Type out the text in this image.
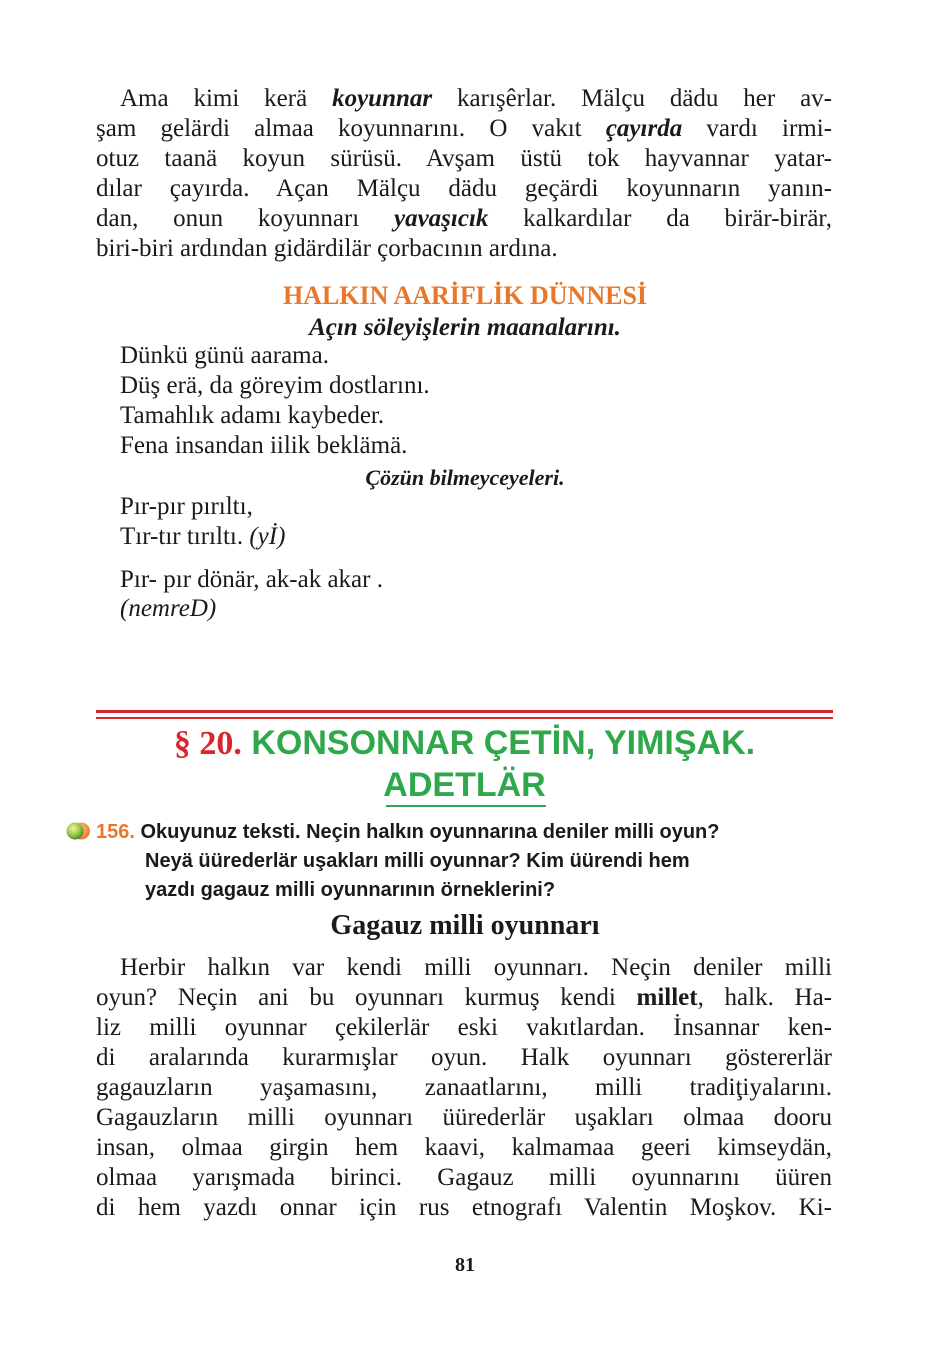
Ama kimi kerä koyunnar karışêrlar. Mälçu dädu her av-
şam gelärdi almaa koyunnarını. O vakıt çayırda vardı irmi-
otuz taanä koyun sürüsü. Avşam üstü tok hayvannar yatar-
dılar çayırda. Açan Mälçu dädu geçärdi koyunnarın yanın-
dan, onun koyunnarı yavaşıcık kalkardılar da birär-birär,
biri-biri ardından gidärdilär çorbacının ardına.
HALKIN AARİFLİK DÜNNESİ
Açın söleyişlerin maanalarını.
Dünkü günü aarama.
Düş erä, da göreyim dostlarını.
Tamahlık adamı kaybeder.
Fena insandan iilik beklämä.
Çözün bilmeyceyeleri.
Pır-pır pırıltı,
Tır-tır tırıltı. (yİ)
Pır- pır dönär, ak-ak akar .
(nemreD)
§ 20. KONSONNAR ÇETİN, YIMIŞAK.
ADETLÄR
156. Okuyunuz teksti. Neçin halkın oyunnarına deniler milli oyun?
Neyä üürederlär uşakları milli oyunnar? Kim üürendi hem
yazdı gagauz milli oyunnarının örneklerini?
Gagauz milli oyunnarı
Herbir halkın var kendi milli oyunnarı. Neçin deniler milli
oyun? Neçin ani bu oyunnarı kurmuş kendi millet, halk. Ha-
liz milli oyunnar çekilerlär eski vakıtlardan. İnsannar ken-
di aralarında kurarmışlar oyun. Halk oyunnarı göstererlär
gagauzların yaşamasını, zanaatlarını, milli tradiţiyalarını.
Gagauzların milli oyunnarı üürederlär uşakları olmaa dooru
insan, olmaa girgin hem kaavi, kalmamaa geeri kimseydän,
olmaa yarışmada birinci. Gagauz milli oyunnarını üüren
di hem yazdı onnar için rus etnografı Valentin Moşkov. Ki-
81
